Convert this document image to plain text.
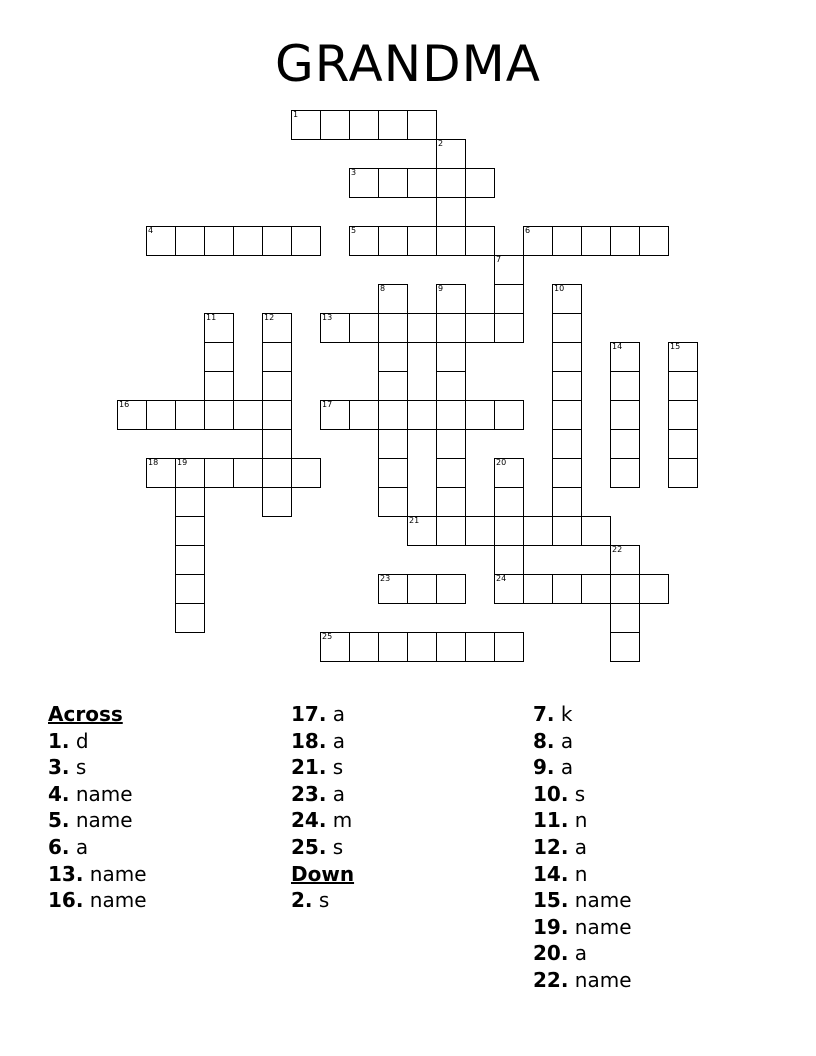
GRANDMA
1
2
3
4	5	6
7
8	9	10
11	12	13
14	15
16	17
18 19	20
21
22
23	24
25
Across
1. d
3. s
4. name
5. name
6. a
13. name
16. name
17. a
18. a
21. s
23. a
24. m
25. s
Down
2. s
7. k
8. a
9. a
10. s
11. n
12. a
14. n
15. name
19. name
20. a
22. name
